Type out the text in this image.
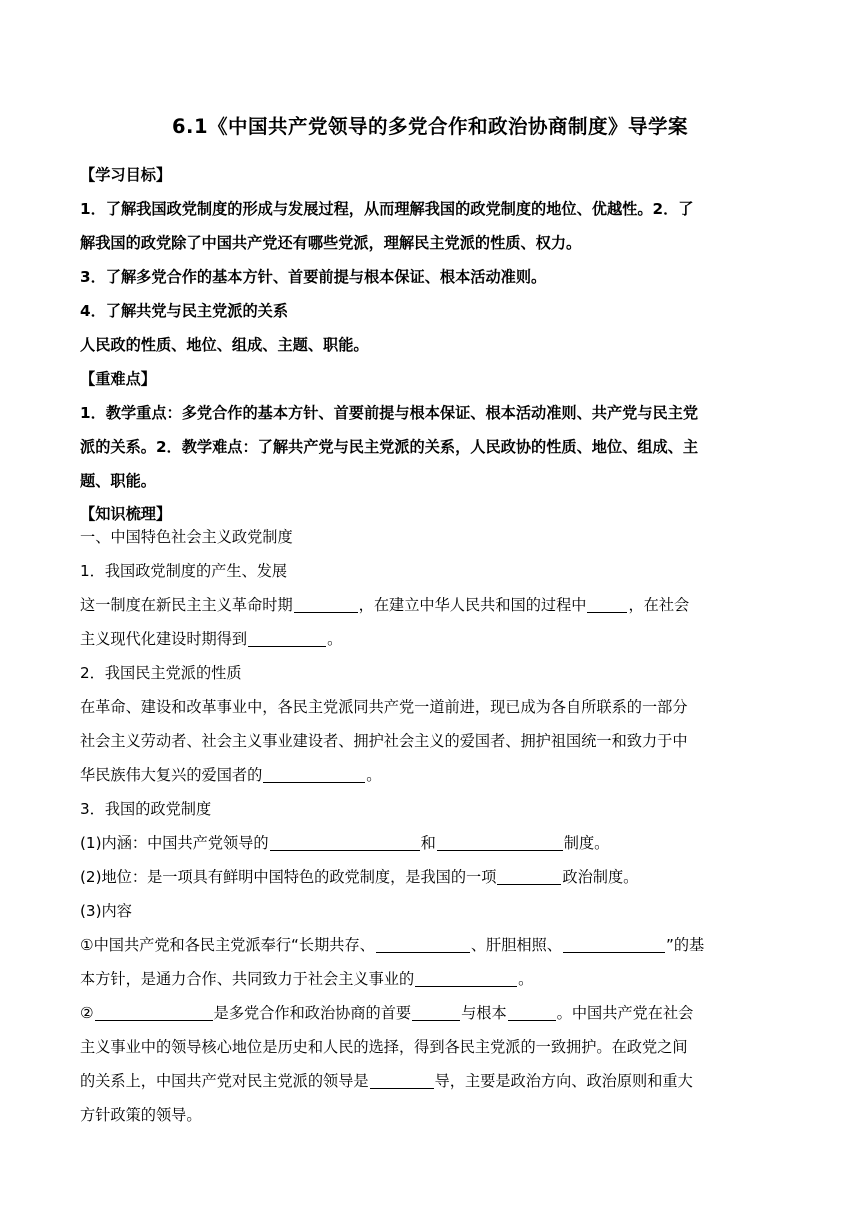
6.1《中国共产党领导的多党合作和政治协商制度》导学案
【学习目标】
1．了解我国政党制度的形成与发展过程，从而理解我国的政党制度的地位、优越性。2．了
解我国的政党除了中国共产党还有哪些党派，理解民主党派的性质、权力。
3．了解多党合作的基本方针、首要前提与根本保证、根本活动准则。
4．了解共党与民主党派的关系
人民政的性质、地位、组成、主题、职能。
【重难点】
1．教学重点：多党合作的基本方针、首要前提与根本保证、根本活动准则、共产党与民主党
派的关系。2．教学难点：了解共产党与民主党派的关系，人民政协的性质、地位、组成、主
题、职能。
【知识梳理】
一、中国特色社会主义政党制度
1．我国政党制度的产生、发展
这一制度在新民主主义革命时期	，在建立中华人民共和国的过程中	，在社会
主义现代化建设时期得到	。
2．我国民主党派的性质
在革命、建设和改革事业中，各民主党派同共产党一道前进，现已成为各自所联系的一部分
社会主义劳动者、社会主义事业建设者、拥护社会主义的爱国者、拥护祖国统一和致力于中
华民族伟大复兴的爱国者的	。
3．我国的政党制度
(1)内涵：中国共产党领导的	和	制度。
(2)地位：是一项具有鲜明中国特色的政党制度，是我国的一项	政治制度。
(3)内容
①中国共产党和各民主党派奉行“长期共存、	、肝胆相照、	”的基
本方针，是通力合作、共同致力于社会主义事业的	。
②	是多党合作和政治协商的首要	与根本	。中国共产党在社会
主义事业中的领导核心地位是历史和人民的选择，得到各民主党派的一致拥护。在政党之间
的关系上，中国共产党对民主党派的领导是	导，主要是政治方向、政治原则和重大
方针政策的领导。
